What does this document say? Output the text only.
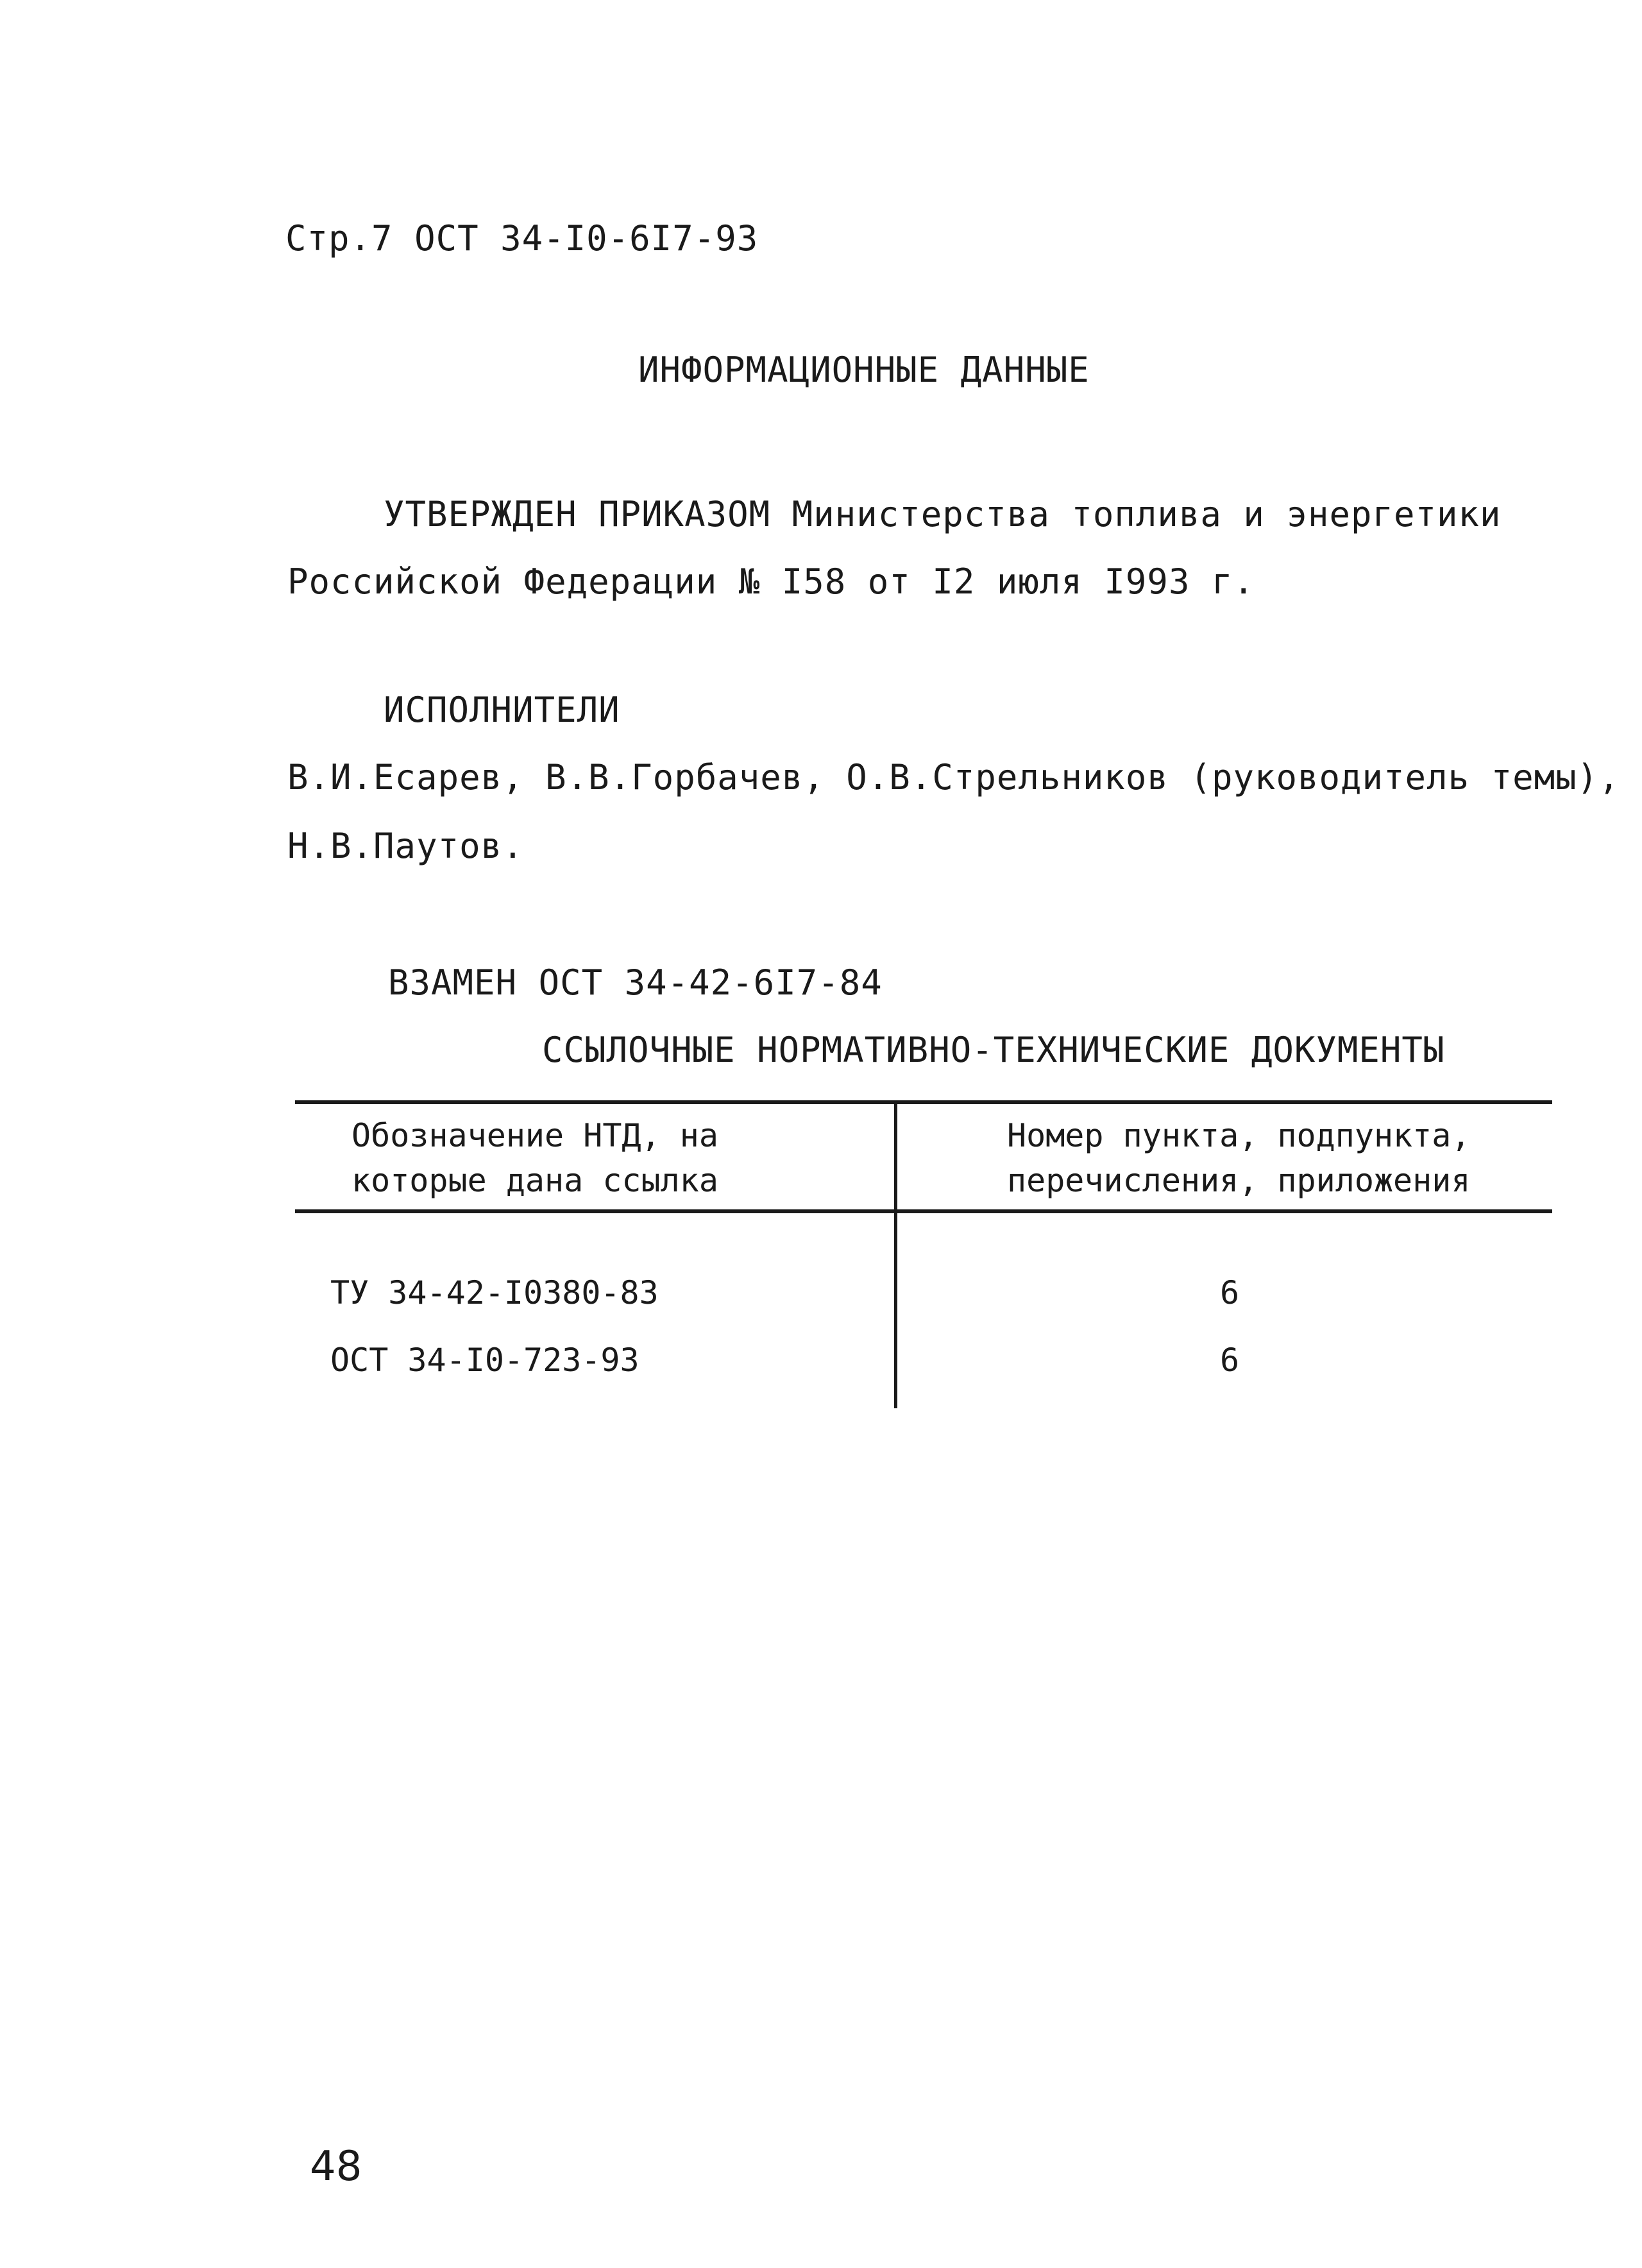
Стр.7 ОСТ 34-I0-6I7-93
ИНФОРМАЦИОННЫЕ ДАННЫЕ
УТВЕРЖДЕН ПРИКАЗОМ Министерства топлива и энергетики
Российской Федерации № I58 от I2 июля I993 г.
ИСПОЛНИТЕЛИ
В.И.Есарев, В.В.Горбачев, О.В.Стрельников (руководитель темы),
Н.В.Паутов.
ВЗАМЕН ОСТ 34-42-6I7-84
ССЫЛОЧНЫЕ НОРМАТИВНО-ТЕХНИЧЕСКИЕ ДОКУМЕНТЫ
Обозначение НТД, на
которые дана ссылка
Номер пункта, подпункта,
перечисления, приложения
ТУ 34-42-I0380-83	6
ОСТ 34-I0-723-93	6
48
